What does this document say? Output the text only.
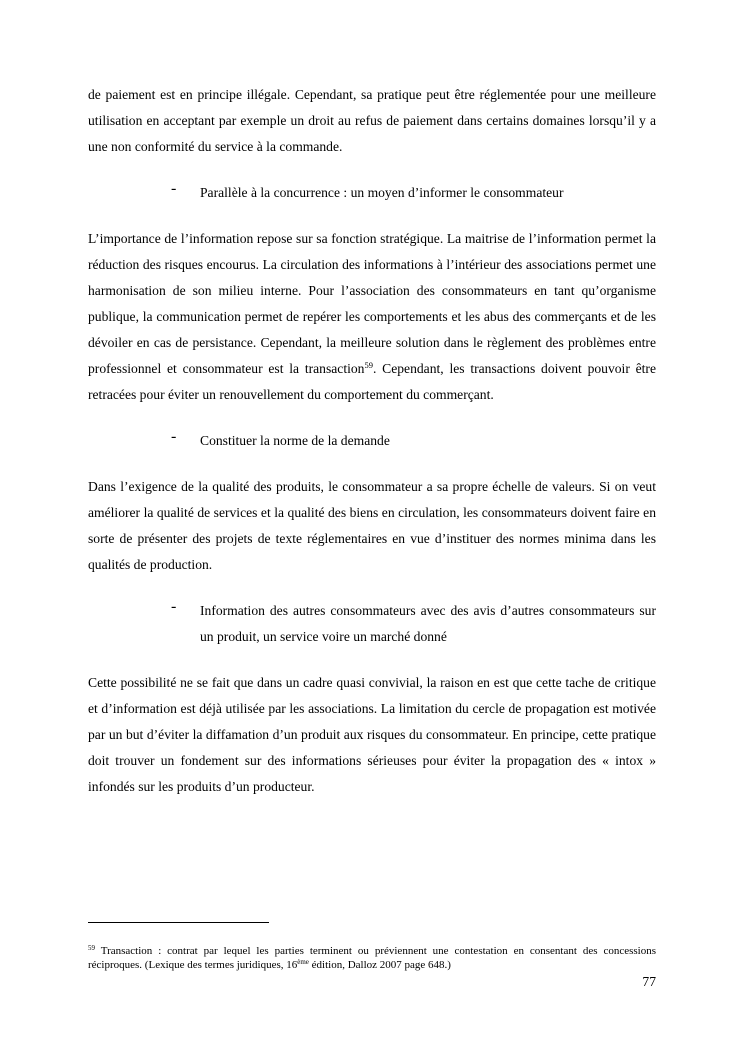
de paiement est en principe illégale. Cependant, sa pratique peut être réglementée pour une meilleure utilisation en acceptant par exemple un droit au refus de paiement dans certains domaines lorsqu’il y a une non conformité du service à la commande.

- Parallèle à la concurrence : un moyen d’informer le consommateur

L’importance de l’information repose sur sa fonction stratégique. La maitrise de l’information permet la réduction des risques encourus. La circulation des informations à l’intérieur des associations permet une harmonisation de son milieu interne. Pour l’association des consommateurs en tant qu’organisme publique, la communication permet de repérer les comportements et les abus des commerçants et de les dévoiler en cas de persistance. Cependant, la meilleure solution dans le règlement des problèmes entre professionnel et consommateur est la transaction$^{59}$. Cependant, les transactions doivent pouvoir être retracées pour éviter un renouvellement du comportement du commerçant.

- Constituer la norme de la demande

Dans l’exigence de la qualité des produits, le consommateur a sa propre échelle de valeurs. Si on veut améliorer la qualité de services et la qualité des biens en circulation, les consommateurs doivent faire en sorte de présenter des projets de texte réglementaires en vue d’instituer des normes minima dans les qualités de production.

- Information des autres consommateurs avec des avis d’autres consommateurs sur un produit, un service voire un marché donné

Cette possibilité ne se fait que dans un cadre quasi convivial, la raison en est que cette tache de critique et d’information est déjà utilisée par les associations. La limitation du cercle de propagation est motivée par un but d’éviter la diffamation d’un produit aux risques du consommateur. En principe, cette pratique doit trouver un fondement sur des informations sérieuses pour éviter la propagation des « intox » infondés sur les produits d’un producteur.

$^{59}$ Transaction : contrat par lequel les parties terminent ou préviennent une contestation en consentant des concessions réciproques. (Lexique des termes juridiques, 16ème édition, Dalloz 2007 page 648.)
77
